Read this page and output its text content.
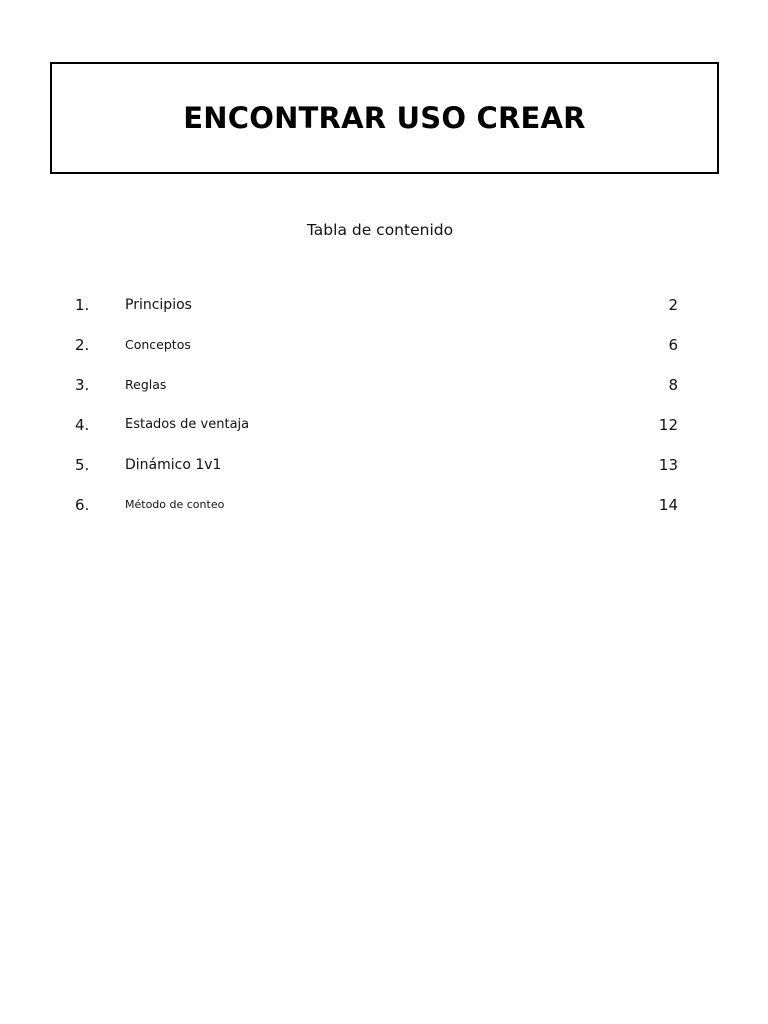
ENCONTRAR USO CREAR
Tabla de contenido
1.	Principios	2
2.	Conceptos	6
3.	Reglas	8
4.	Estados de ventaja	12
5.	Dinámico 1v1	13
6.	Método de conteo	14
